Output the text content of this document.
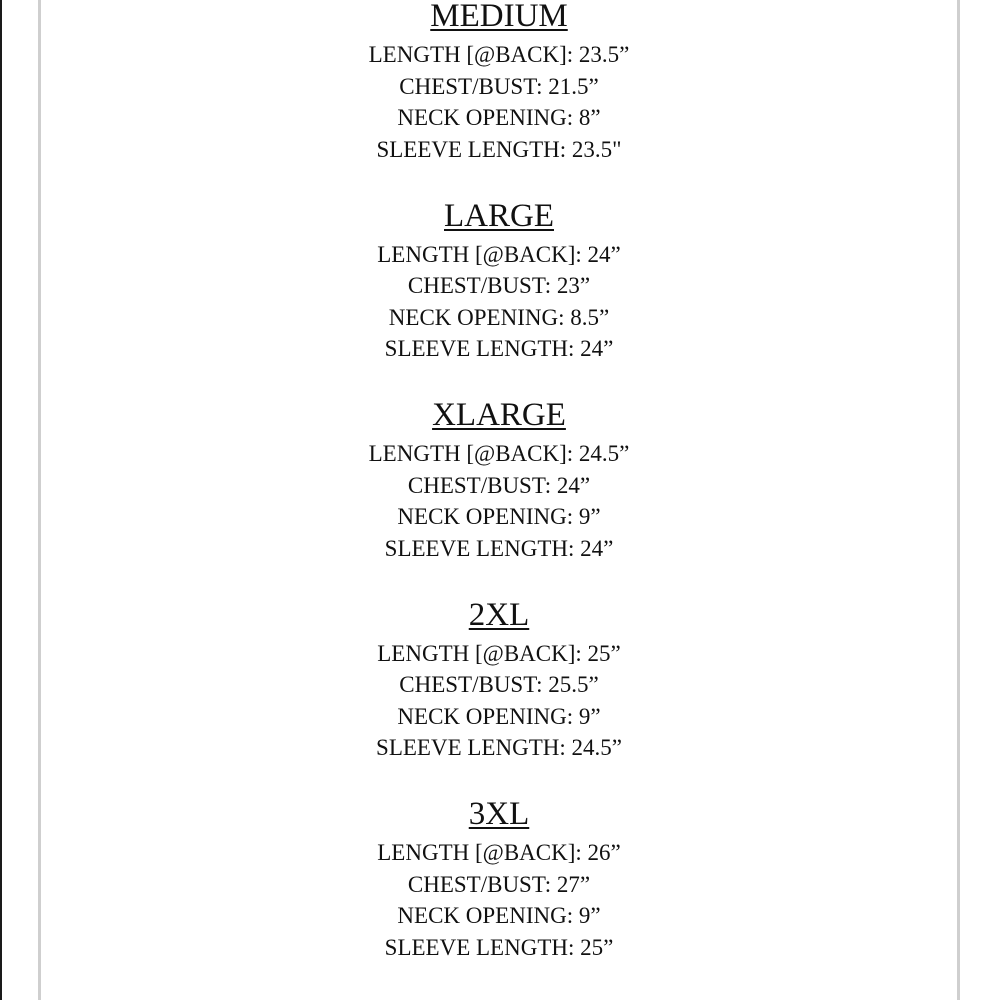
MEDIUM
LENGTH [@BACK]: 23.5”
CHEST/BUST: 21.5”
NECK OPENING: 8”
SLEEVE LENGTH: 23.5"
LARGE
LENGTH [@BACK]: 24”
CHEST/BUST: 23”
NECK OPENING: 8.5”
SLEEVE LENGTH: 24”
XLARGE
LENGTH [@BACK]: 24.5”
CHEST/BUST: 24”
NECK OPENING: 9”
SLEEVE LENGTH: 24”
2XL
LENGTH [@BACK]: 25”
CHEST/BUST: 25.5”
NECK OPENING: 9”
SLEEVE LENGTH: 24.5”
3XL
LENGTH [@BACK]: 26”
CHEST/BUST: 27”
NECK OPENING: 9”
SLEEVE LENGTH: 25”
